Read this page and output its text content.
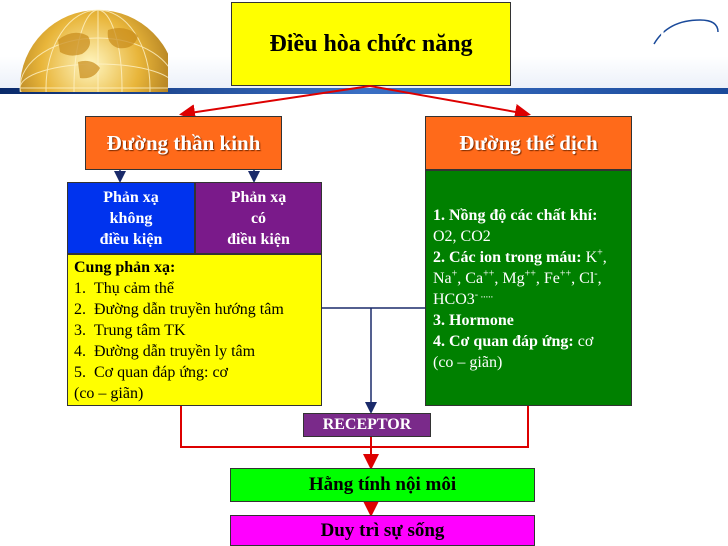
LOGO
Điều hòa chức năng
Đường thần kinh	Đường thể dịch

Phản xạ

không

điều kiện

Phản xạ

có

điều kiện

Cung phản xạ:

1. Thụ cảm thể

2. Đường dẫn truyền hướng tâm

3. Trung tâm TK

4. Đường dẫn truyền ly tâm

5. Cơ quan đáp ứng: cơ

(co – giãn)

1. Nồng độ các chất khí:

O2, CO2

2. Các ion trong máu: K+, Na+, Ca++, Mg++, Fe++, Cl-, HCO3- .....

3. Hormone

4. Cơ quan đáp ứng: cơ

(co – giãn)

RECEPTOR
Hằng tính nội môi
Duy trì sự sống
